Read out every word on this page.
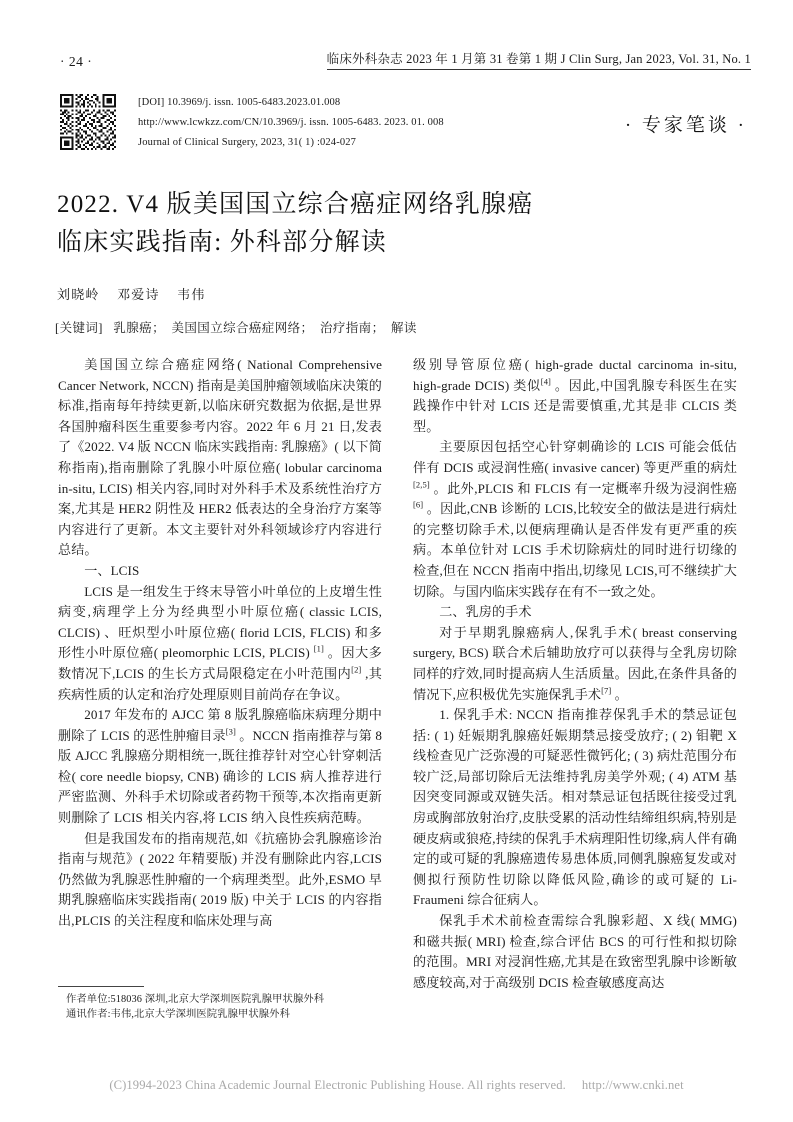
· 24 ·	临床外科杂志 2023 年 1 月第 31 卷第 1 期 J Clin Surg, Jan 2023, Vol. 31, No. 1
[DOI] 10.3969/j. issn. 1005-6483.2023.01.008
http://www.lcwkzz.com/CN/10.3969/j. issn. 1005-6483. 2023. 01. 008
Journal of Clinical Surgery, 2023, 31( 1) :024-027
· 专家笔谈 ·
2022. V4 版美国国立综合癌症网络乳腺癌
临床实践指南: 外科部分解读
刘晓岭 邓爱诗 韦伟
[关键词] 乳腺癌 ； 美国国立综合癌症网络 ； 治疗指南 ； 解读

美国国立综合癌症网络( National Comprehensive Cancer Network, NCCN) 指南是美国肿瘤领域临床决策的标准,指南每年持续更新,以临床研究数据为依据,是世界各国肿瘤科医生重要参考内容。2022 年 6 月 21 日,发表了《2022. V4 版 NCCN 临床实践指南: 乳腺癌》( 以下简称指南),指南删除了乳腺小叶原位癌( lobular carcinoma in-situ, LCIS) 相关内容,同时对外科手术及系统性治疗方案,尤其是 HER2 阴性及 HER2 低表达的全身治疗方案等内容进行了更新。本文主要针对外科领域诊疗内容进行总结。

一、LCIS

LCIS 是一组发生于终末导管小叶单位的上皮增生性病变,病理学上分为经典型小叶原位癌( classic LCIS, CLCIS) 、旺炽型小叶原位癌( florid LCIS, FLCIS) 和多形性小叶原位癌( pleomorphic LCIS, PLCIS) [1] 。因大多数情况下,LCIS 的生长方式局限稳定在小叶范围内[2] ,其疾病性质的认定和治疗处理原则目前尚存在争议。

2017 年发布的 AJCC 第 8 版乳腺癌临床病理分期中删除了 LCIS 的恶性肿瘤目录[3] 。NCCN 指南推荐与第 8 版 AJCC 乳腺癌分期相统一,既往推荐针对空心针穿刺活检( core needle biopsy, CNB) 确诊的 LCIS 病人推荐进行严密监测、外科手术切除或者药物干预等,本次指南更新则删除了 LCIS 相关内容,将 LCIS 纳入良性疾病范畴。

但是我国发布的指南规范,如《抗癌协会乳腺癌诊治指南与规范》( 2022 年精要版) 并没有删除此内容,LCIS 仍然做为乳腺恶性肿瘤的一个病理类型。此外,ESMO 早期乳腺癌临床实践指南( 2019 版) 中关于 LCIS 的内容指出,PLCIS 的关注程度和临床处理与高

级别导管原位癌( high-grade ductal carcinoma in-situ, high-grade DCIS) 类似[4] 。因此,中国乳腺专科医生在实践操作中针对 LCIS 还是需要慎重,尤其是非 CLCIS 类型。

主要原因包括空心针穿刺确诊的 LCIS 可能会低估伴有 DCIS 或浸润性癌( invasive cancer) 等更严重的病灶[2,5] 。此外,PLCIS 和 FLCIS 有一定概率升级为浸润性癌[6] 。因此,CNB 诊断的 LCIS,比较安全的做法是进行病灶的完整切除手术,以便病理确认是否伴发有更严重的疾病。本单位针对 LCIS 手术切除病灶的同时进行切缘的检查,但在 NCCN 指南中指出,切缘见 LCIS,可不继续扩大切除。与国内临床实践存在有不一致之处。

二、乳房的手术

对于早期乳腺癌病人,保乳手术( breast conserving surgery, BCS) 联合术后辅助放疗可以获得与全乳房切除同样的疗效,同时提高病人生活质量。因此,在条件具备的情况下,应积极优先实施保乳手术[7] 。

1. 保乳手术: NCCN 指南推荐保乳手术的禁忌证包括: ( 1) 妊娠期乳腺癌妊娠期禁忌接受放疗; ( 2) 钼靶 X 线检查见广泛弥漫的可疑恶性微钙化; ( 3) 病灶范围分布较广泛,局部切除后无法维持乳房美学外观; ( 4) ATM 基因突变同源或双链失活。相对禁忌证包括既往接受过乳房或胸部放射治疗,皮肤受累的活动性结缔组织病,特别是硬皮病或狼疮,持续的保乳手术病理阳性切缘,病人伴有确定的或可疑的乳腺癌遗传易患体质,同侧乳腺癌复发或对侧拟行预防性切除以降低风险,确诊的或可疑的 Li-Fraumeni 综合征病人。

保乳手术术前检查需综合乳腺彩超、X 线( MMG) 和磁共振( MRI) 检查,综合评估 BCS 的可行性和拟切除的范围。MRI 对浸润性癌,尤其是在致密型乳腺中诊断敏感度较高,对于高级别 DCIS 检查敏感度高达

作者单位:518036 深圳,北京大学深圳医院乳腺甲状腺外科
通讯作者:韦伟,北京大学深圳医院乳腺甲状腺外科
(C)1994-2023 China Academic Journal Electronic Publishing House. All rights reserved. http://www.cnki.net
